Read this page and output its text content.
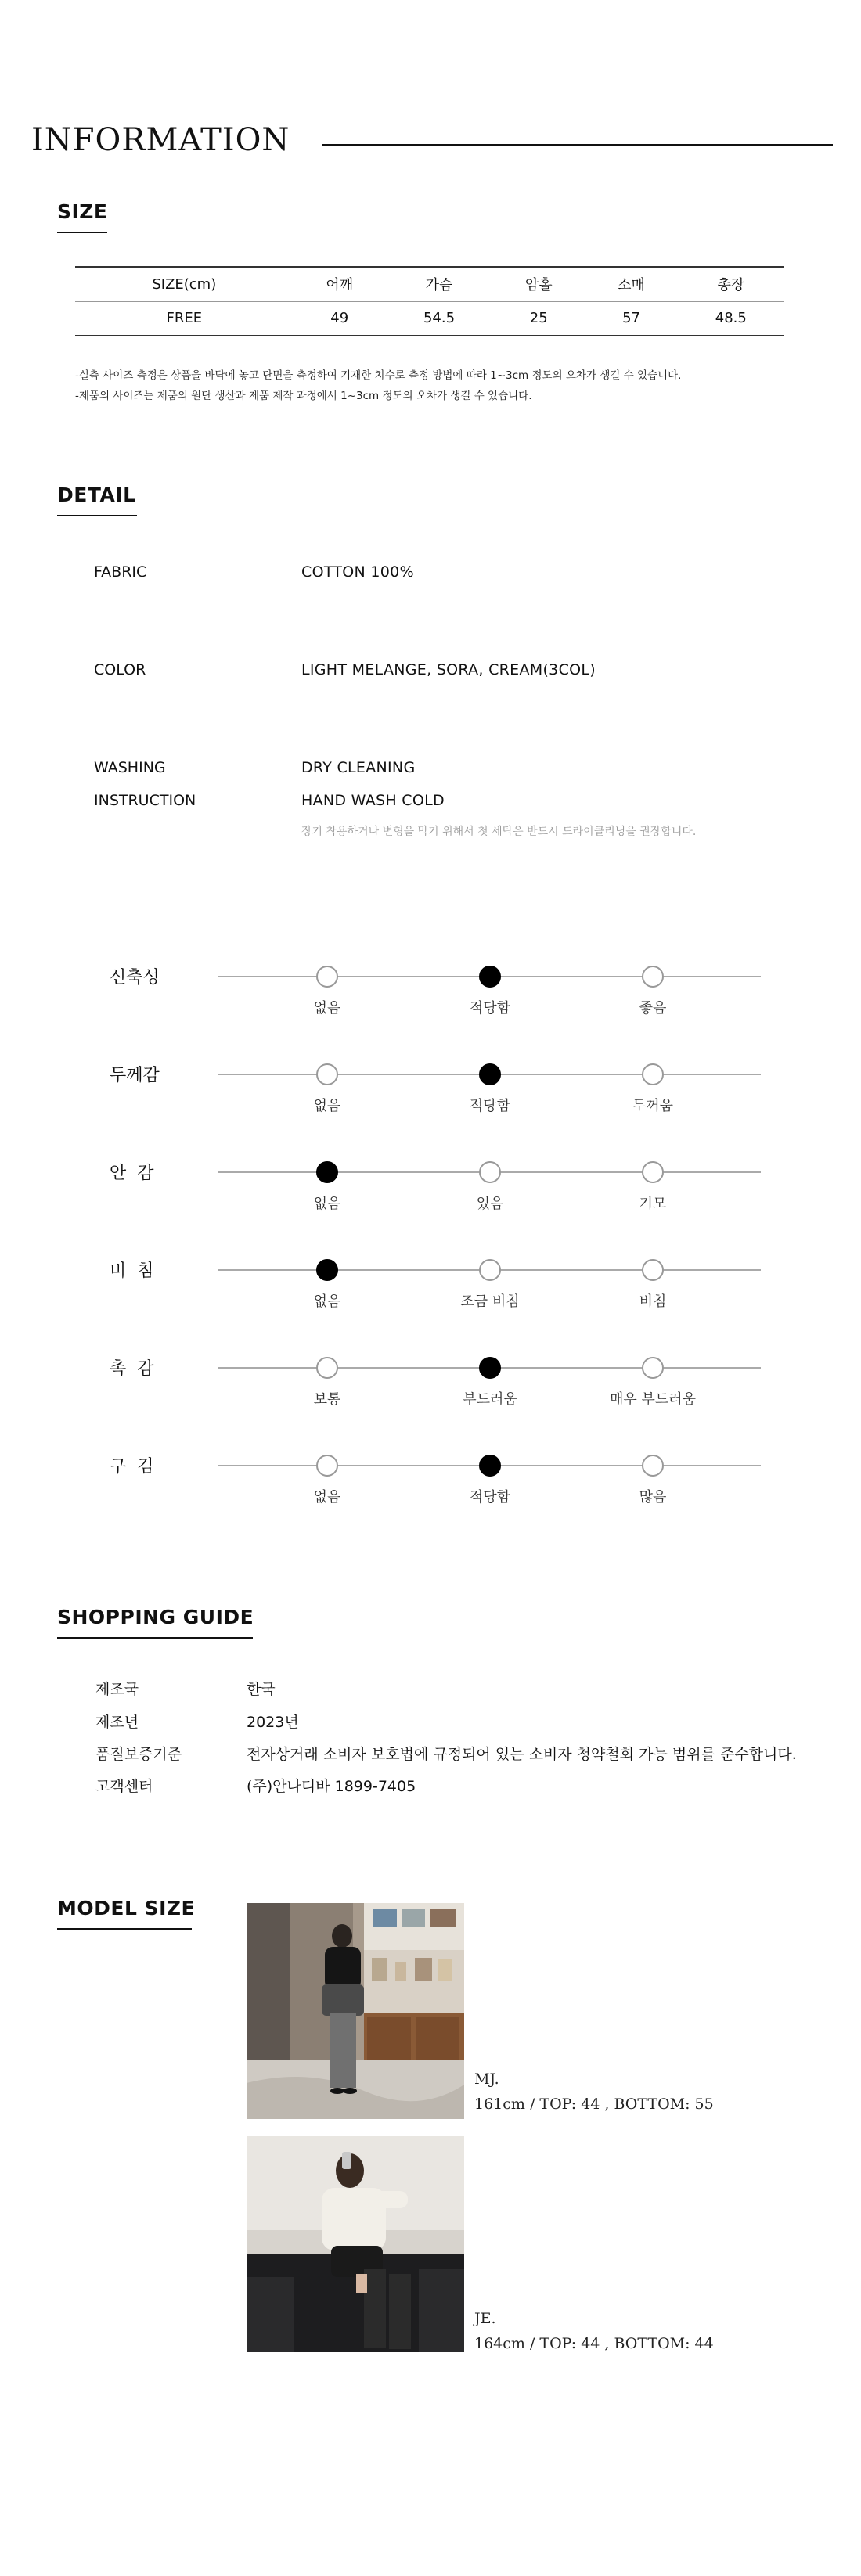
INFORMATION
SIZE
SIZE(cm)	어깨	가슴	암홀	소매	총장
FREE	49	54.5	25	57	48.5
-실측 사이즈 측정은 상품을 바닥에 놓고 단면을 측정하여 기재한 치수로 측정 방법에 따라 1~3cm 정도의 오차가 생길 수 있습니다.
-제품의 사이즈는 제품의 원단 생산과 제품 제작 과정에서 1~3cm 정도의 오차가 생길 수 있습니다.
DETAIL
FABRIC	COTTON 100%
COLOR	LIGHT MELANGE, SORA, CREAM(3COL)
WASHING	DRY CLEANING
INSTRUCTION	HAND WASH COLD
장기 착용하거나 변형을 막기 위해서 첫 세탁은 반드시 드라이클리닝을 권장합니다.
신축성
없음	적당함	좋음
두께감
없음	적당함	두꺼움
안  감
없음	있음	기모
비  침
없음	조금 비침	비침
촉  감
보통	부드러움	매우 부드러움
구  김
없음	적당함	많음
SHOPPING GUIDE
제조국	한국
제조년	2023년
품질보증기준	전자상거래 소비자 보호법에 규정되어 있는 소비자 청약철회 가능 범위를 준수합니다.
고객센터	(주)안나디바 1899-7405
MODEL SIZE
MJ.
161cm / TOP: 44 , BOTTOM: 55
JE.
164cm / TOP: 44 , BOTTOM: 44
